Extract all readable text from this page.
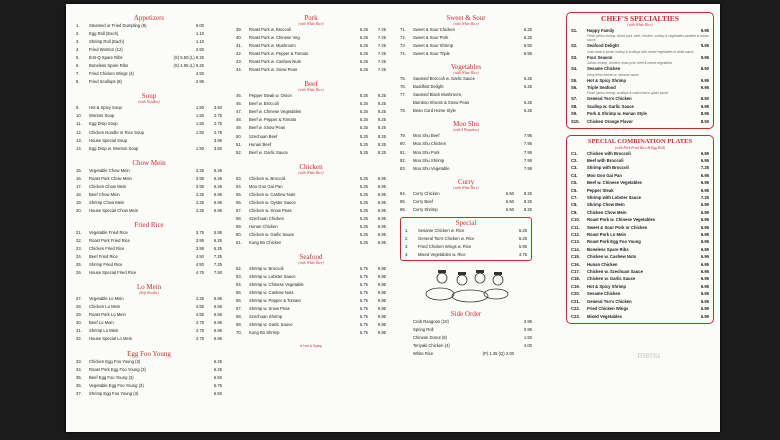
Appetizers
1.	Steamed or Fried Dumpling (8)	6.00
2.	Egg Roll (Each)	1.10
3.	Shrimp Roll (Each)	1.10
4.	Fried Wonton (12)	2.50
5.	B-B-Q Spare Ribs	(S) 5.50 (L) 9.25
6.	Boneless Spare Ribs	(S) 4.95 (L) 9.25
7.	Fried Chicken Wings (4)	4.50
8.	Fried Scallops (8)	2.95
Soup
(with Noodles)
9.	Hot & Spicy Soup	1.90	3.50
10.	Wonton Soup	1.50	2.75
11.	Egg Drop Soup	1.50	2.75
12.	Chicken Noodle or Rice Soup	1.50	2.75
13.	House Special Soup	3.95
14.	Egg Drop w. Wonton Soup	1.90	3.50
Chow Mein
15.	Vegetable Chow Mein	3.25	5.25
16.	Roast Pork Chow Mein	3.95	6.25
17.	Chicken Chow Mein	3.95	6.25
18.	Beef Chow Mein	4.25	6.95
19.	Shrimp Chow Mein	4.25	6.95
20.	House Special Chow Mein	4.25	6.95
Fried Rice
21.	Vegetable Fried Rice	3.75	5.95
22.	Roast Pork Fried Rice	3.95	6.25
23.	Chicken Fried Rice	3.95	6.25
24.	Beef Fried Rice	4.50	7.25
25.	Shrimp Fried Rice	4.50	7.25
26.	House Special Fried Rice	4.75	7.50
Lo Mein
(Soft Noodle)
27.	Vegetable Lo Mein	4.25	5.95
28.	Chicken Lo Mein	4.55	6.55
29.	Roast Pork Lo Mein	4.55	6.55
30.	Beef Lo Mein	4.75	6.95
31.	Shrimp Lo Mein	4.75	6.95
32.	House Special Lo Mein	4.75	6.95
Egg Foo Young
33.	Chicken Egg Foo Young (3)	6.25
34.	Roast Pork Egg Foo Young (3)	6.25
35.	Beef Egg Foo Young (3)	6.50
36.	Vegetable Egg Foo Young (3)	5.75
37.	Shrimp Egg Foo Young (3)	6.50
Pork
(with White Rice)
39.	Roast Pork w. Broccoli	5.25	7.25
40.	Roast Pork w. Chinese Veg.	5.25	7.25
41.	Roast Pork w. Mushroom	5.25	7.25
42.	Roast Pork w. Pepper & Tomato	5.25	7.25
43.	Roast Pork w. Cashew Nuts	5.25	7.25
44.	Roast Pork w. Snow Peas	5.25	7.25
Beef
(with White Rice)
45.	Pepper Steak w. Onion	5.25	8.25
46.	Beef w. Broccoli	5.25	8.25
47.	Beef w. Chinese Vegetables	5.25	8.25
48.	Beef w. Pepper & Tomato	5.25	8.25
49.	Beef w. Snow Peas	5.25	8.25
50.	Szechuan Beef	5.25	8.25
51.	Hunan Beef	5.25	8.25
52.	Beef w. Garlic Sauce	5.25	8.25
Chicken
(with White Rice)
53.	Chicken w. Broccoli	5.25	6.95
54.	Moo Goo Gai Pan	5.25	6.95
55.	Chicken w. Cashew Nuts	5.25	6.95
56.	Chicken w. Oyster Sauce	5.25	6.95
57.	Chicken w. Snow Peas	5.25	6.95
58.	Szechuan Chicken	5.25	6.95
59.	Hunan Chicken	5.25	6.95
60.	Chicken w. Garlic Sauce	5.25	6.95
61.	Kung Bo Chicken	5.25	6.95
Seafood
(with White Rice)
62.	Shrimp w. Broccoli	5.75	9.95
63.	Shrimp w. Lobster Sauce	5.75	9.95
64.	Shrimp w. Chinese Vegetable	5.75	9.95
65.	Shrimp w. Cashew Nuts	5.75	9.95
66.	Shrimp w. Pepper & Tomato	5.75	9.95
67.	Shrimp w. Snow Peas	5.75	9.95
68.	Szechuan Shrimp	5.75	9.95
69.	Shrimp w. Garlic Sauce	5.75	9.95
70.	Kung Bo Shrimp	5.75	9.95
● Hot & Spicy
Sweet & Sour
(with White Rice)
71.	Sweet & Sour Chicken	6.25
72.	Sweet & Sour Pork	6.25
73.	Sweet & Sour Shrimp	6.50
74.	Sweet & Sour Triple	6.95
Vegetables
(with White Rice)
75.	Sauteed Broccoli w. Garlic Sauce	6.25
76.	Buddhist Delight	6.25
77.	Sauteed Black Mushroom,
Bamboo Shoots & Snow Peas	6.25
78.	Bean Curd Home Style	6.25
Moo Shu
(with 4 Pancakes)
79.	Moo Shu Beef	7.95
80.	Moo Shu Chicken	7.95
81.	Moo Shu Pork	7.95
82.	Moo Shu Shrimp	7.95
83.	Moo Shu Vegetable	7.95
Curry
(with White Rice)
84.	Curry Chicken	5.50	8.25
85.	Curry Beef	5.50	8.25
86.	Curry Shrimp	5.50	8.25
Special
1.	Sesame Chicken w. Rice	6.25
2.	General Tso's Chicken w. Rice	6.25
3.	Fried Chicken Wings w. Rice	5.95
4.	Mixed Vegetables w. Rice	4.75
Side Order
Crab Rangoon (10)	3.95
Spring Roll	0.95
Chinese Donut (8)	1.50
Teriyaki Chicken (4)	4.00
White Rice	(P) 1.25 (Q) 2.00
CHEF'S SPECIALTIES
(with White Rice)
S1.	Happy Family	9.95
Fresh jumbo shrimp, sliced pork, beef, chicken, scallop & vegetables sauteed in brown sauce
S2.	Seafood Delight	9.95
Crab meat & jumbo shrimp & scallops with mixed vegetables in white sauce
S3.	Four Season	9.95
Jumbo shrimp, chicken, roast pork, beef & mixed vegetables
S4.	Sesame Chicken	8.50
Deep fried chicken w. sesame sauce
S5.	Hot & Spicy Shrimp	9.95
S6.	Triple Seafood	9.95
Fresh jumbo shrimp, scallops & crab meat w. garlic sauce
S7.	General Tso's Chicken	8.50
S8.	Scallop w. Garlic Sauce	9.95
S9.	Pork & Shrimp w. Hunan Style	8.95
S10.	Chicken Orange Flavor	8.50
SPECIAL COMBINATION PLATES
(with Pork Fried Rice & Egg Roll)
C1.	Chicken with Broccoli	6.95
C2.	Beef with Broccoli	6.95
C3.	Shrimp with Broccoli	7.25
C4.	Moo Goo Gai Pan	6.95
C5.	Beef w. Chinese Vegetables	6.95
C6.	Pepper Steak	6.95
C7.	Shrimp with Lobster Sauce	7.25
C8.	Shrimp Chow Mein	6.95
C9.	Chicken Chow Mein	6.95
C10.	Roast Pork w. Chinese Vegetables	6.95
C11.	Sweet & Sour Pork or Chicken	6.95
C12.	Roast Pork Lo Mein	6.95
C13.	Roast Pork Egg Foo Young	6.95
C14.	Boneless Spare Ribs	6.95
C15.	Chicken w. Cashew Nuts	6.95
C16.	Hunan Chicken	6.95
C17.	Chicken w. Szechuan Sauce	6.95
C18.	Chicken w. Garlic Sauce	6.95
C19.	Hot & Spicy Shrimp	6.95
C20.	Sesame Chicken	6.95
C21.	General Tso's Chicken	6.95
C22.	Fried Chicken Wings	6.95
C23.	Mixed Vegetables	6.95
menu
